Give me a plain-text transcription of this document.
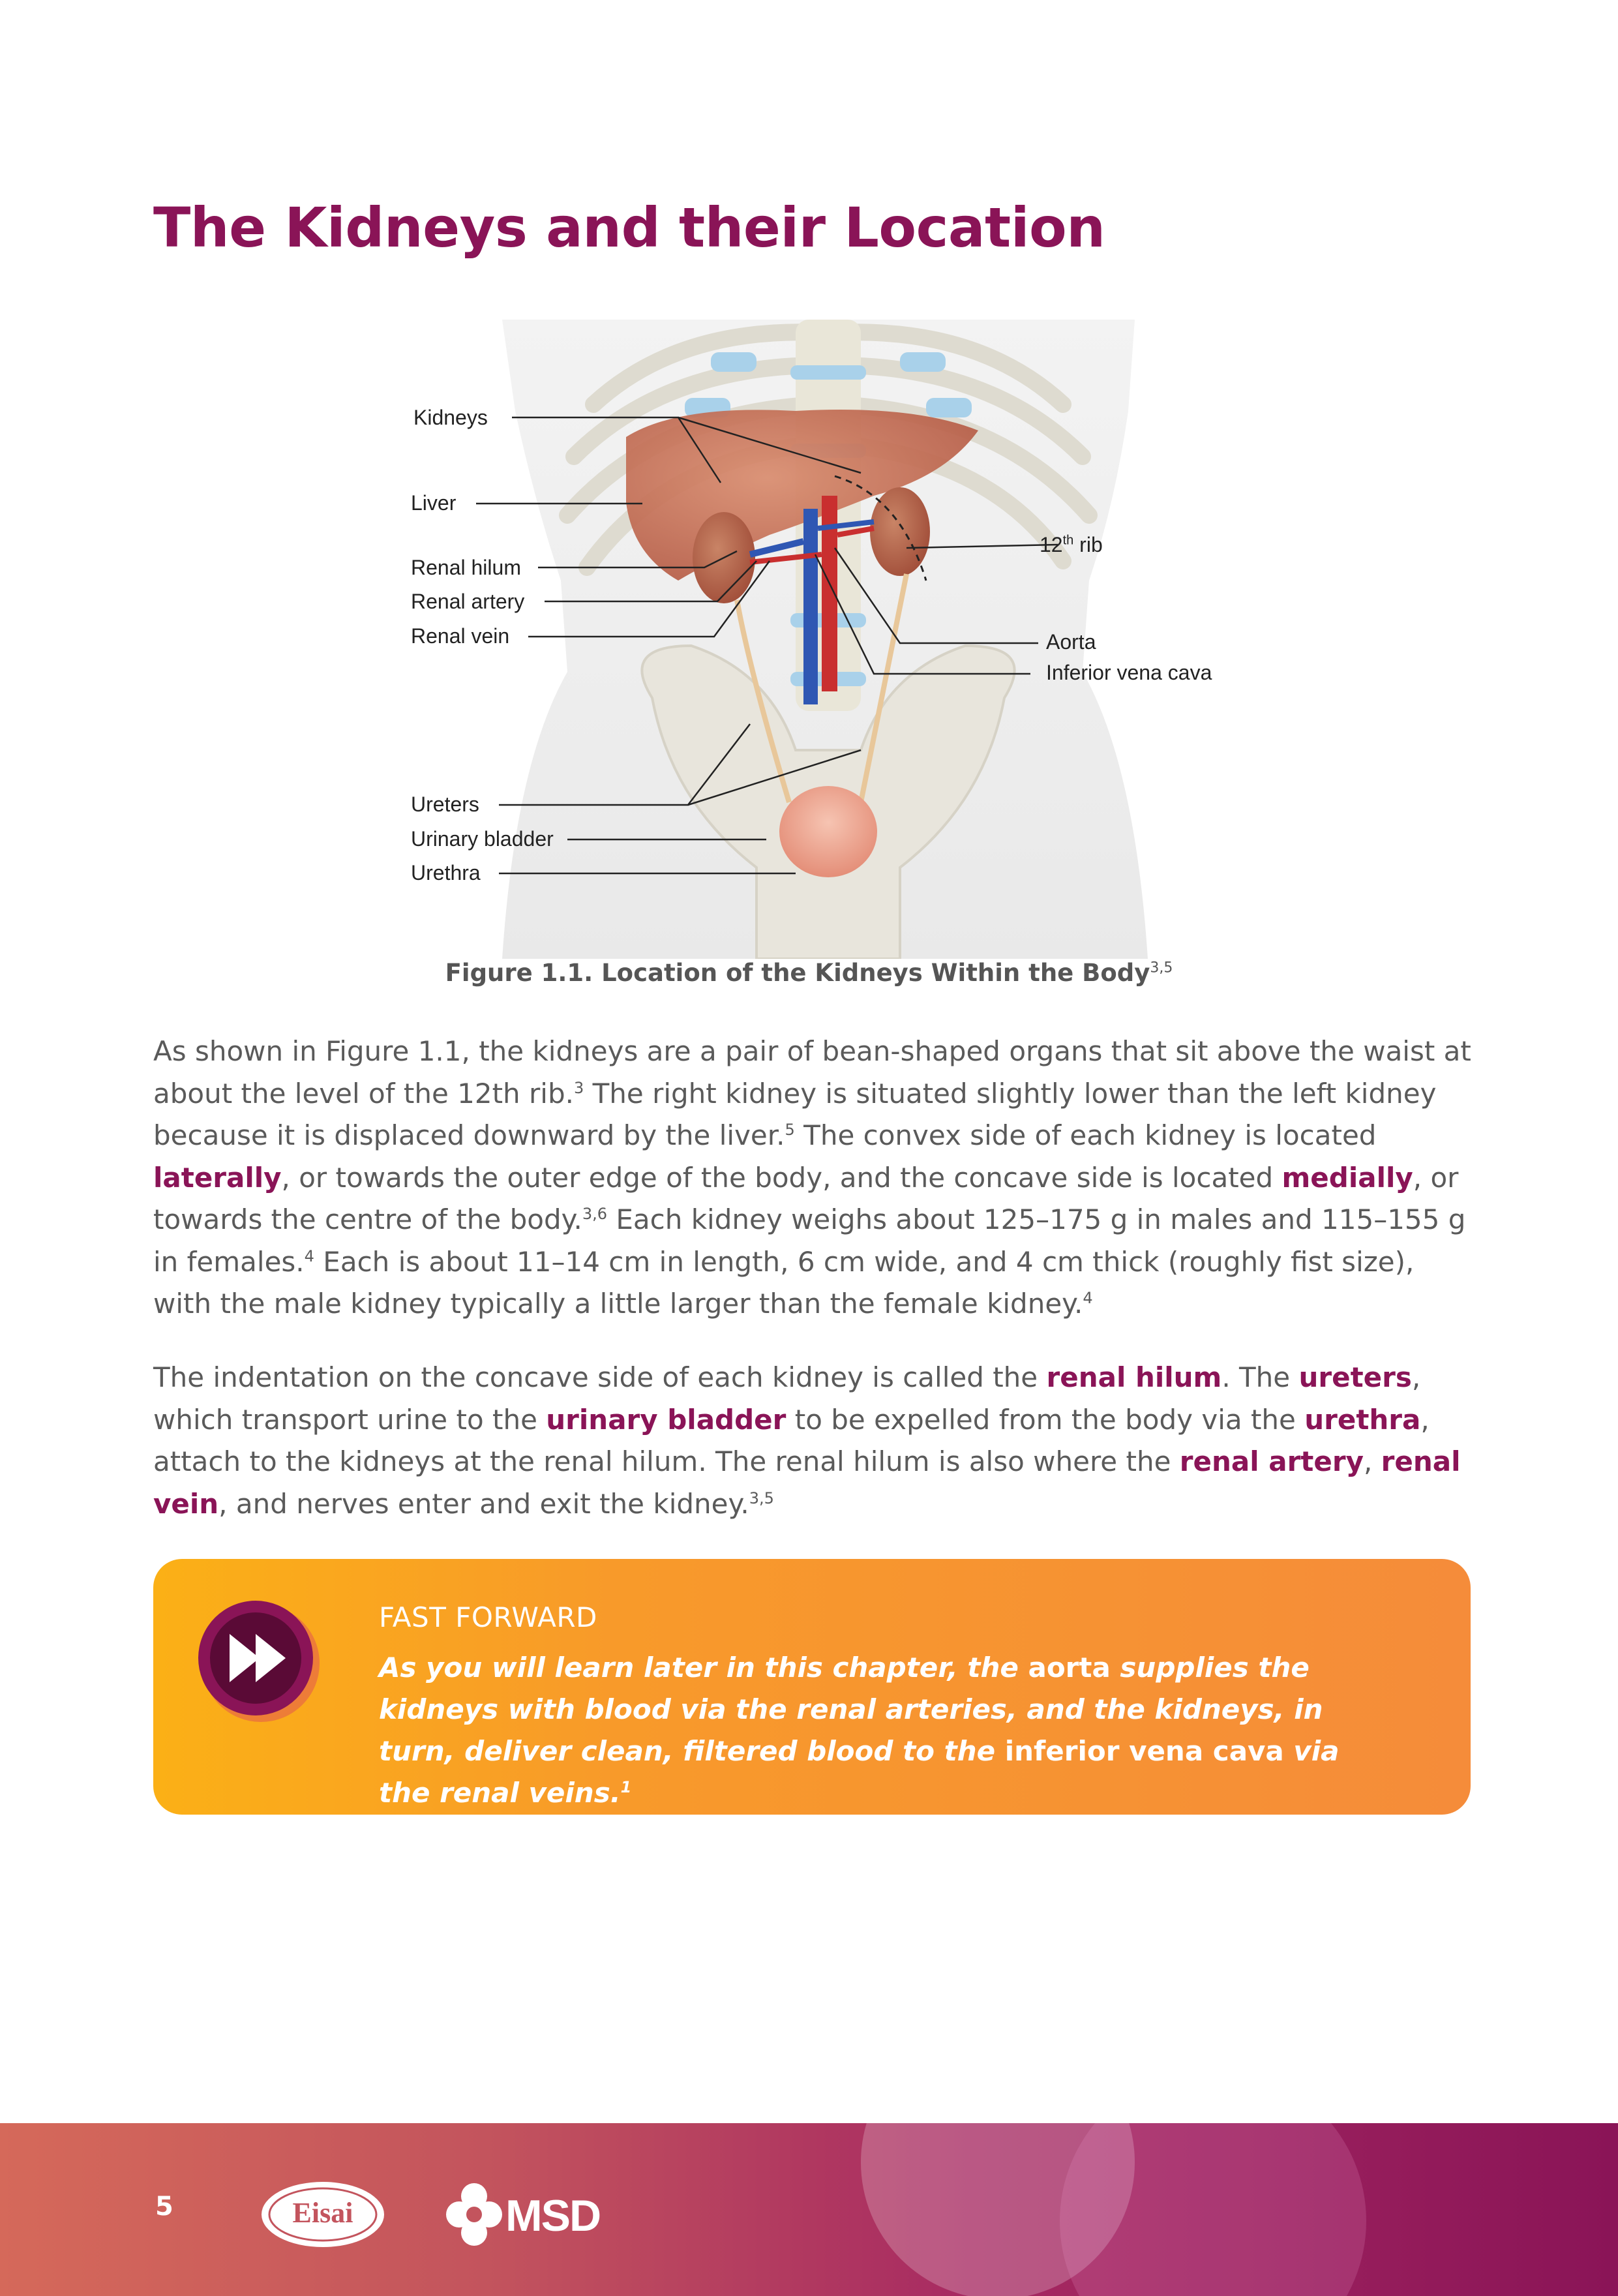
The Kidneys and their Location
Kidneys
Liver
Renal hilum
Renal artery
Renal vein
Ureters
Urinary bladder
Urethra
12th rib
Aorta
Inferior vena cava
Figure 1.1. Location of the Kidneys Within the Body$^{3,5}$

As shown in Figure 1.1, the kidneys are a pair of bean-shaped organs that sit above the waist at about the level of the 12th rib.$^3$ The right kidney is situated slightly lower than the left kidney because it is displaced downward by the liver.$^5$ The convex side of each kidney is located laterally, or towards the outer edge of the body, and the concave side is located medially, or towards the centre of the body.$^{3,6}$ Each kidney weighs about 125–175 g in males and 115–155 g in females.$^4$ Each is about 11–14 cm in length, 6 cm wide, and 4 cm thick (roughly fist size), with the male kidney typically a little larger than the female kidney.$^4$

The indentation on the concave side of each kidney is called the renal hilum. The ureters, which transport urine to the urinary bladder to be expelled from the body via the urethra, attach to the kidneys at the renal hilum. The renal hilum is also where the renal artery, renal vein, and nerves enter and exit the kidney.$^{3,5}$

FAST FORWARD

As you will learn later in this chapter, the aorta supplies the kidneys with blood via the renal arteries, and the kidneys, in turn, deliver clean, filtered blood to the inferior vena cava via the renal veins.$^1$

5	Eisai	MSD
